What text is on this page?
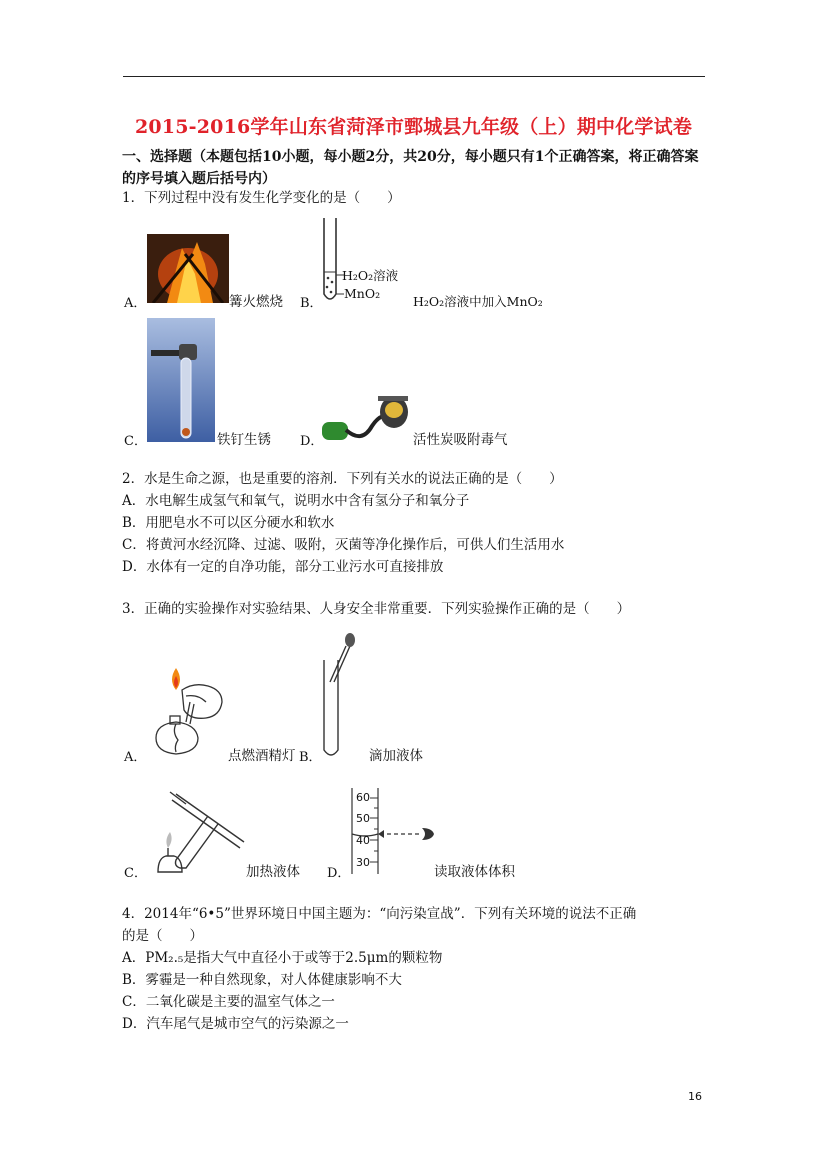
2015-2016学年山东省菏泽市鄄城县九年级（上）期中化学试卷
一、选择题（本题包括10小题，每小题2分，共20分，每小题只有1个正确答案，将正确答案的序号填入题后括号内）
1．下列过程中没有发生化学变化的是（　　）
A．	篝火燃烧 B．
H₂O₂溶液
MnO₂
H₂O₂溶液中加入MnO₂
C．	铁钉生锈 D．	活性炭吸附毒气
2．水是生命之源，也是重要的溶剂．下列有关水的说法正确的是（　　）
A．水电解生成氢气和氧气，说明水中含有氢分子和氧分子
B．用肥皂水不可以区分硬水和软水
C．将黄河水经沉降、过滤、吸附，灭菌等净化操作后，可供人们生活用水
D．水体有一定的自净功能，部分工业污水可直接排放
3．正确的实验操作对实验结果、人身安全非常重要．下列实验操作正确的是（　　）
A．	点燃酒精灯 B．	滴加液体
C．	加热液体 D．
60
50
40
30
读取液体体积
4．2014年“6•5”世界环境日中国主题为：“向污染宣战”．下列有关环境的说法不正确
的是（　　）
A．PM₂.₅是指大气中直径小于或等于2.5μm的颗粒物
B．雾霾是一种自然现象，对人体健康影响不大
C．二氧化碳是主要的温室气体之一
D．汽车尾气是城市空气的污染源之一
16
